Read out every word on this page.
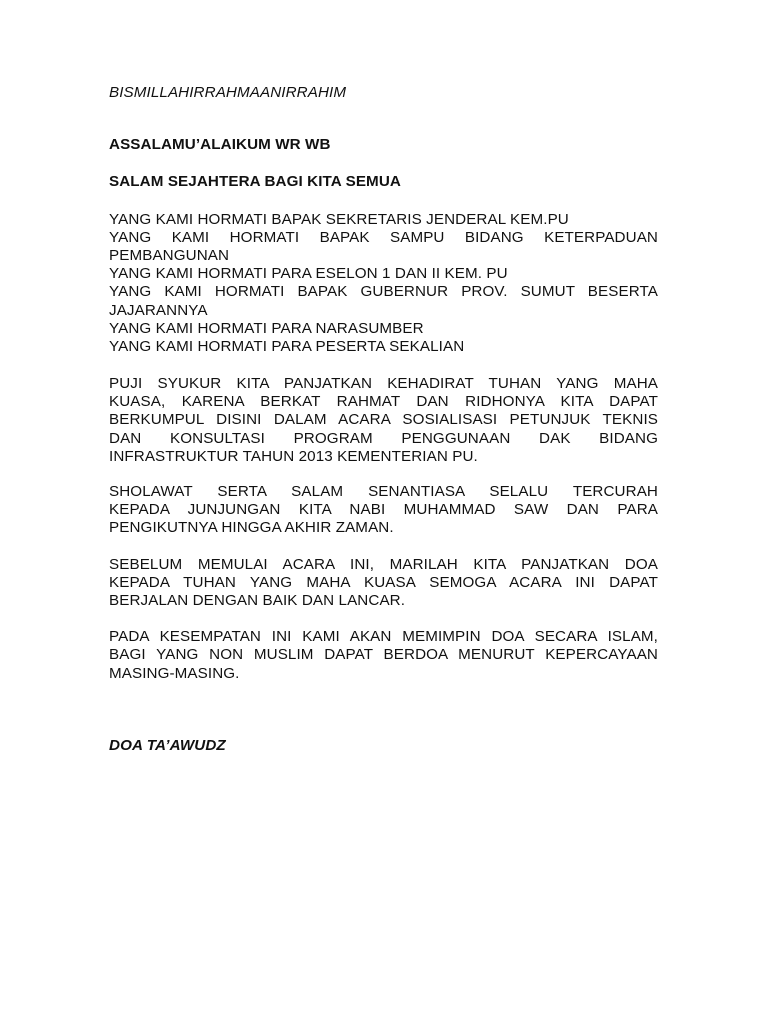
BISMILLAHIRRAHMAANIRRAHIM
ASSALAMU’ALAIKUM WR WB
SALAM SEJAHTERA BAGI KITA SEMUA
YANG KAMI HORMATI BAPAK SEKRETARIS JENDERAL KEM.PU
YANG KAMI HORMATI BAPAK SAMPU BIDANG KETERPADUAN
PEMBANGUNAN
YANG KAMI HORMATI PARA ESELON 1 DAN II KEM. PU
YANG KAMI HORMATI BAPAK GUBERNUR PROV. SUMUT BESERTA
JAJARANNYA
YANG KAMI HORMATI PARA NARASUMBER
YANG KAMI HORMATI PARA PESERTA SEKALIAN
PUJI SYUKUR KITA PANJATKAN KEHADIRAT TUHAN YANG MAHA
KUASA, KARENA BERKAT RAHMAT DAN RIDHONYA KITA DAPAT
BERKUMPUL DISINI DALAM ACARA SOSIALISASI PETUNJUK TEKNIS
DAN KONSULTASI PROGRAM PENGGUNAAN DAK BIDANG
INFRASTRUKTUR TAHUN 2013 KEMENTERIAN PU.
SHOLAWAT SERTA SALAM SENANTIASA SELALU TERCURAH
KEPADA JUNJUNGAN KITA NABI MUHAMMAD SAW DAN PARA
PENGIKUTNYA HINGGA AKHIR ZAMAN.
SEBELUM MEMULAI ACARA INI, MARILAH KITA PANJATKAN DOA
KEPADA TUHAN YANG MAHA KUASA SEMOGA ACARA INI DAPAT
BERJALAN DENGAN BAIK DAN LANCAR.
PADA KESEMPATAN INI KAMI AKAN MEMIMPIN DOA SECARA ISLAM,
BAGI YANG NON MUSLIM DAPAT BERDOA MENURUT KEPERCAYAAN
MASING-MASING.
DOA TA’AWUDZ
